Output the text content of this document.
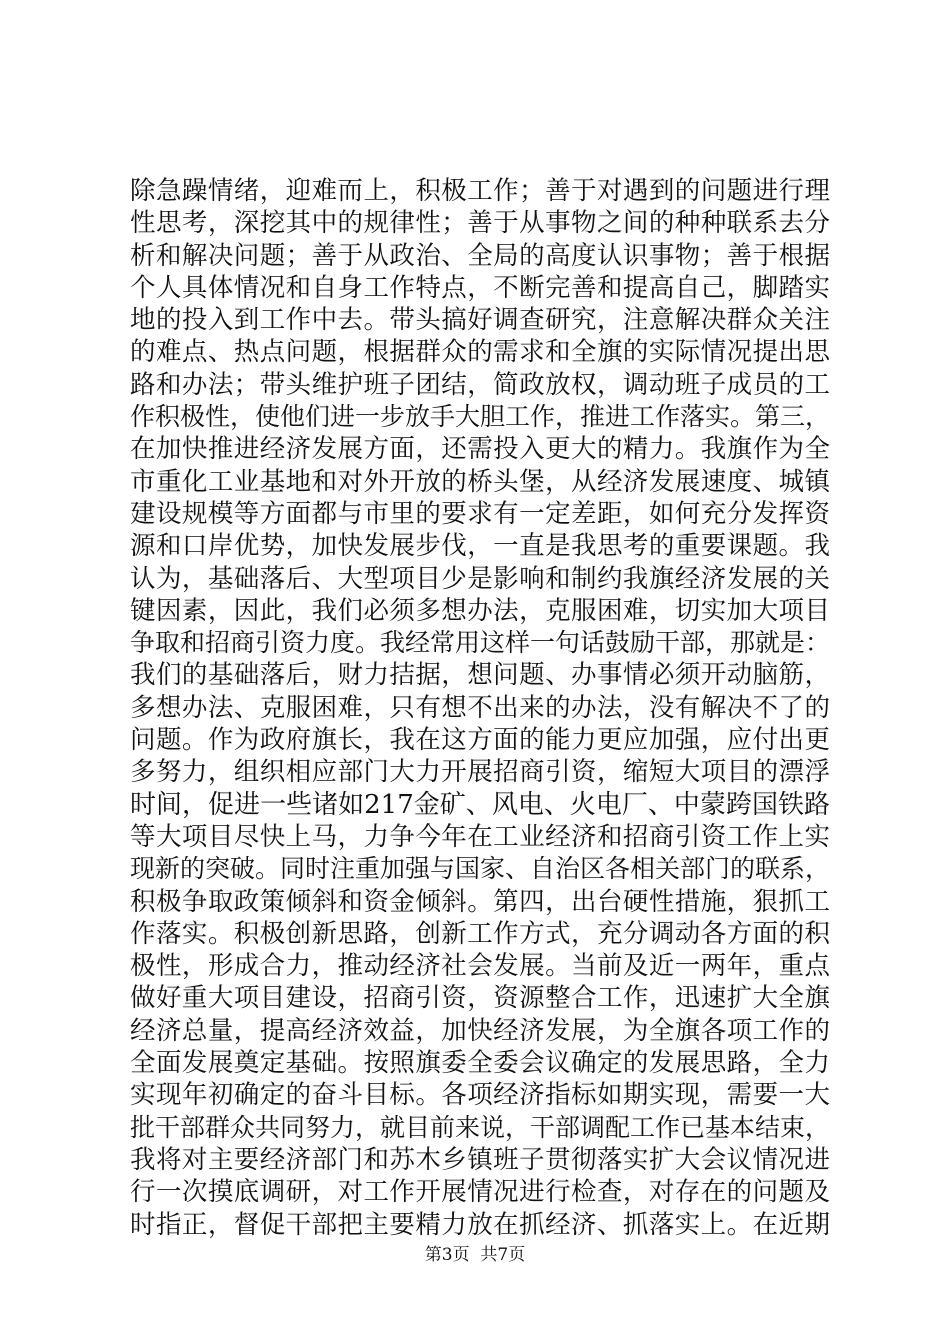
除急躁情绪，迎难而上，积极工作；善于对遇到的问题进行理
性思考，深挖其中的规律性；善于从事物之间的种种联系去分
析和解决问题；善于从政治、全局的高度认识事物；善于根据
个人具体情况和自身工作特点，不断完善和提高自己，脚踏实
地的投入到工作中去。带头搞好调查研究，注意解决群众关注
的难点、热点问题，根据群众的需求和全旗的实际情况提出思
路和办法；带头维护班子团结，简政放权，调动班子成员的工
作积极性，使他们进一步放手大胆工作，推进工作落实。第三，
在加快推进经济发展方面，还需投入更大的精力。我旗作为全
市重化工业基地和对外开放的桥头堡，从经济发展速度、城镇
建设规模等方面都与市里的要求有一定差距，如何充分发挥资
源和口岸优势，加快发展步伐，一直是我思考的重要课题。我
认为，基础落后、大型项目少是影响和制约我旗经济发展的关
键因素，因此，我们必须多想办法，克服困难，切实加大项目
争取和招商引资力度。我经常用这样一句话鼓励干部，那就是：
我们的基础落后，财力拮据，想问题、办事情必须开动脑筋，
多想办法、克服困难，只有想不出来的办法，没有解决不了的
问题。作为政府旗长，我在这方面的能力更应加强，应付出更
多努力，组织相应部门大力开展招商引资，缩短大项目的漂浮
时间，促进一些诸如217金矿、风电、火电厂、中蒙跨国铁路
等大项目尽快上马，力争今年在工业经济和招商引资工作上实
现新的突破。同时注重加强与国家、自治区各相关部门的联系，
积极争取政策倾斜和资金倾斜。第四，出台硬性措施，狠抓工
作落实。积极创新思路，创新工作方式，充分调动各方面的积
极性，形成合力，推动经济社会发展。当前及近一两年，重点
做好重大项目建设，招商引资，资源整合工作，迅速扩大全旗
经济总量，提高经济效益，加快经济发展，为全旗各项工作的
全面发展奠定基础。按照旗委全委会议确定的发展思路，全力
实现年初确定的奋斗目标。各项经济指标如期实现，需要一大
批干部群众共同努力，就目前来说，干部调配工作已基本结束，
我将对主要经济部门和苏木乡镇班子贯彻落实扩大会议情况进
行一次摸底调研，对工作开展情况进行检查，对存在的问题及
时指正，督促干部把主要精力放在抓经济、抓落实上。在近期
第3页  共7页
